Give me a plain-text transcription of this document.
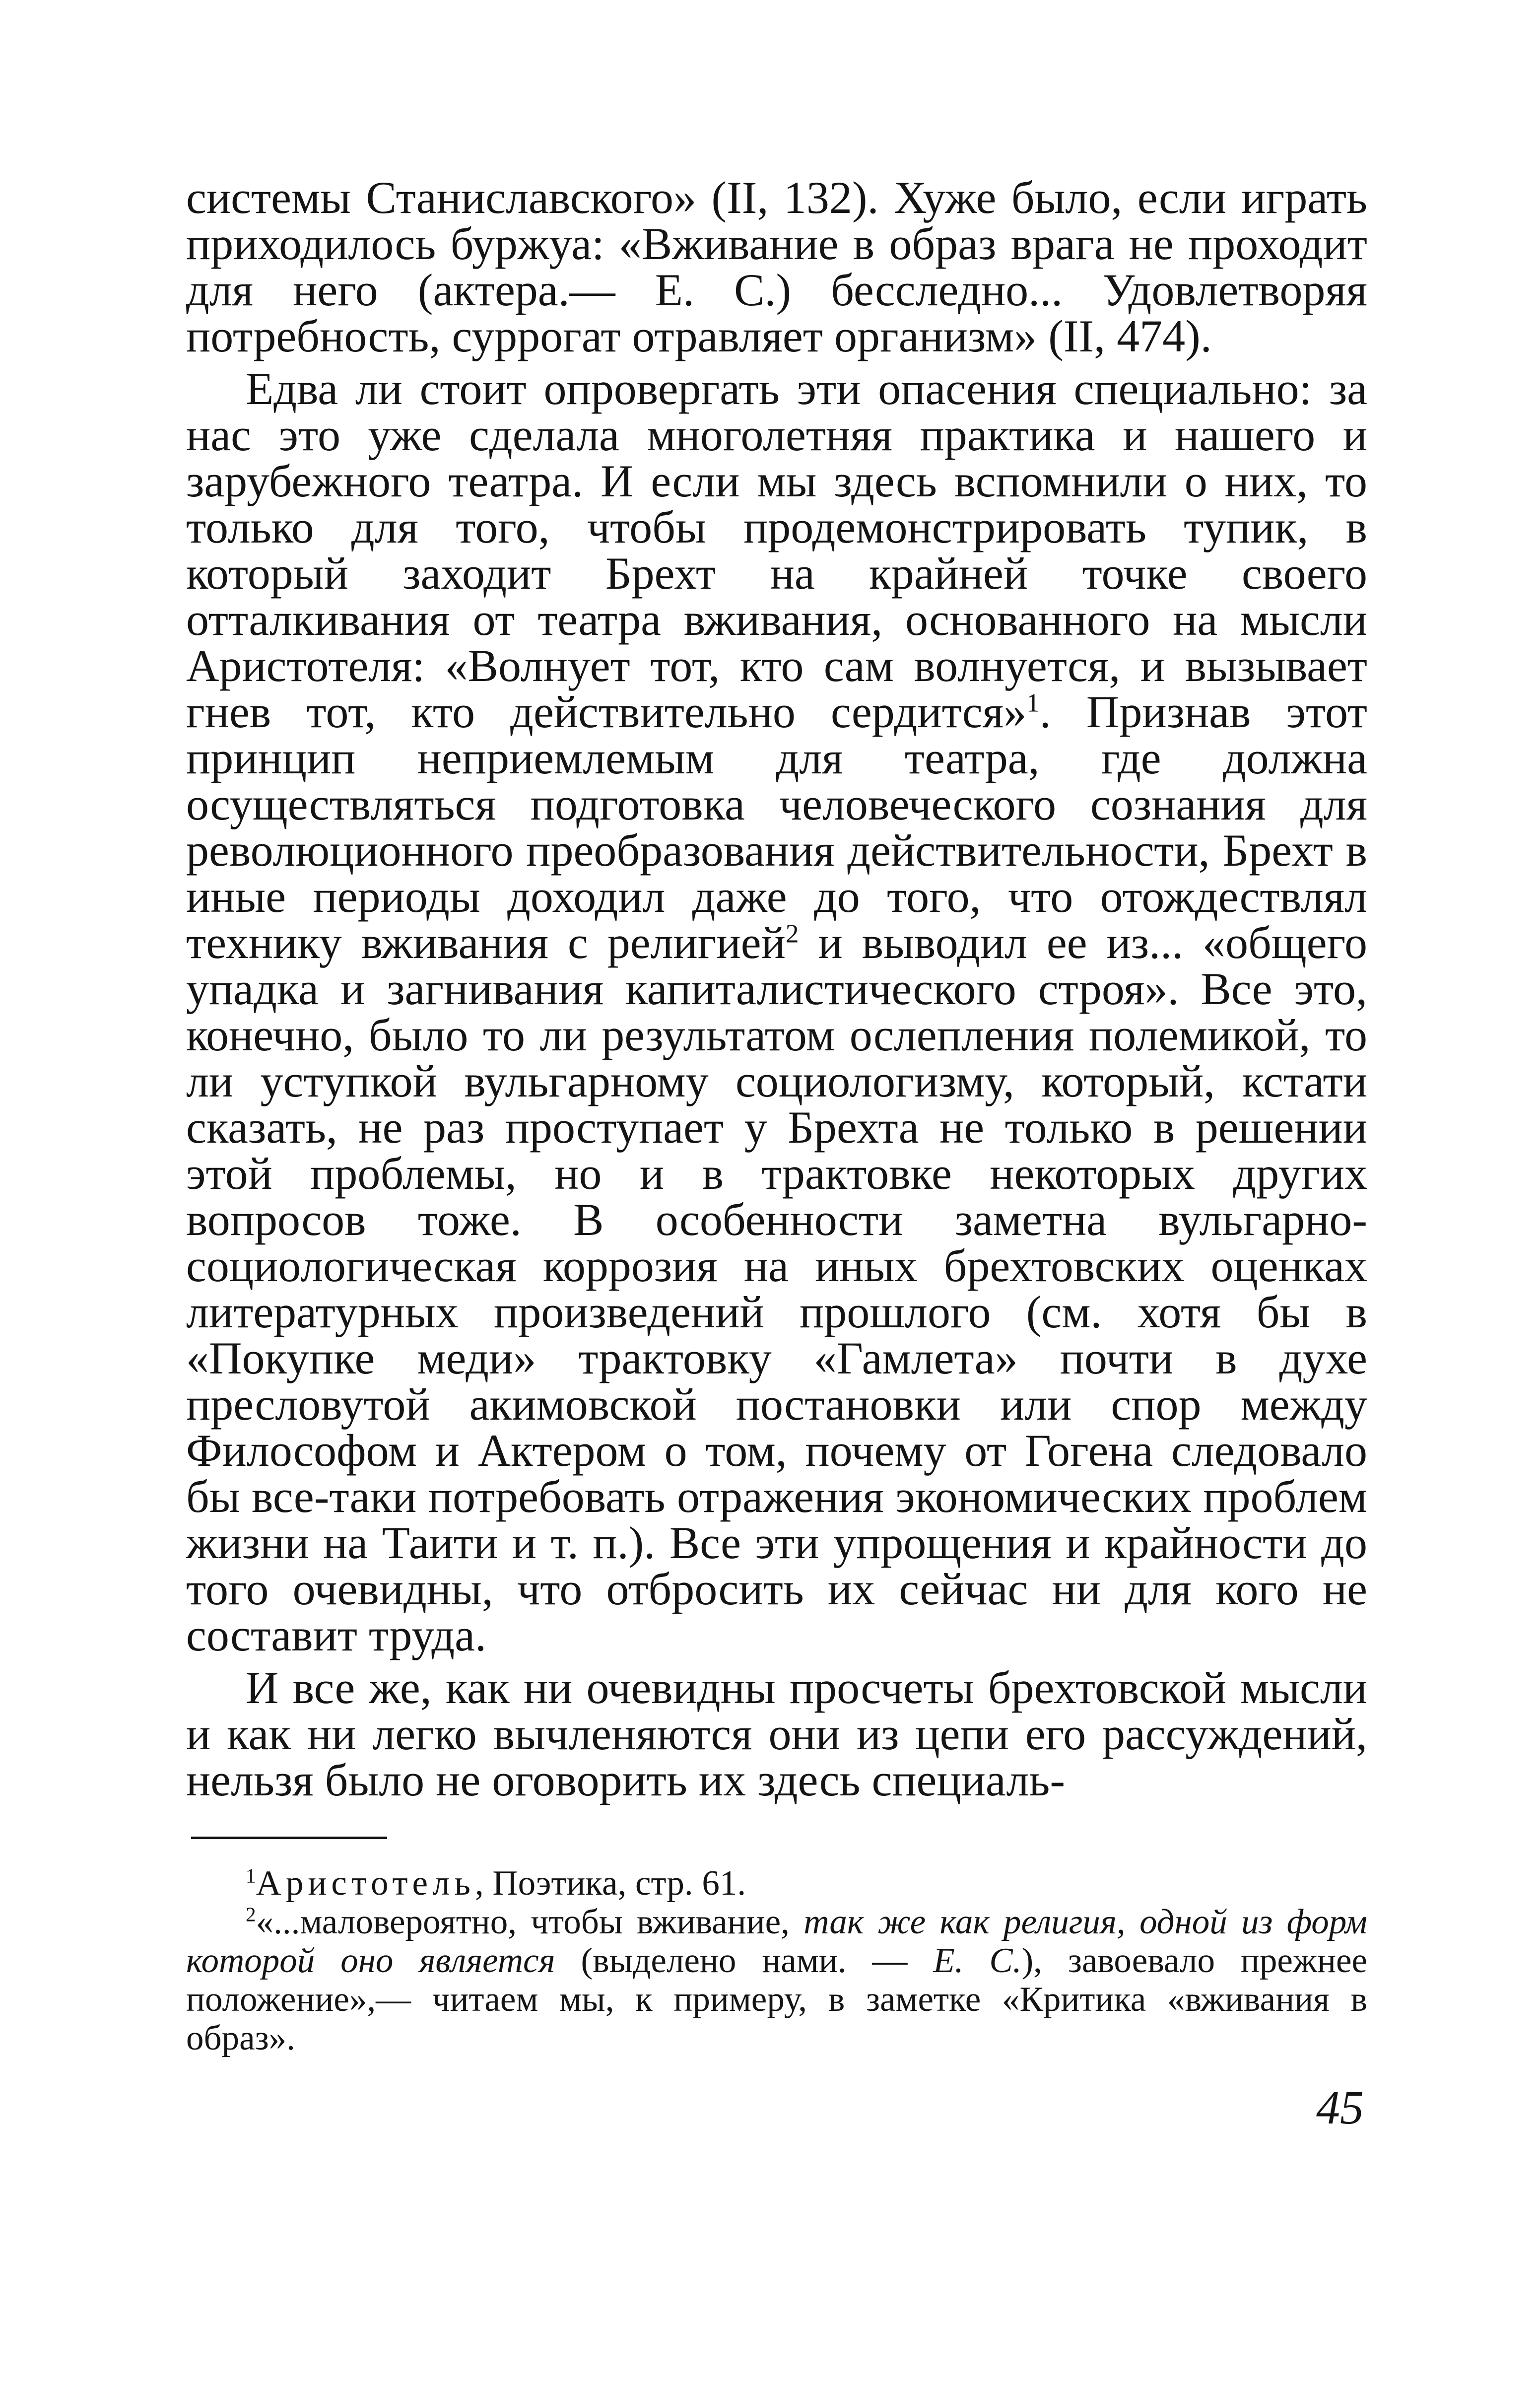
системы Станиславского» (II, 132). Хуже было, если играть приходилось буржуа: «Вживание в образ врага не проходит для него (актера.— Е. С.) бесследно... Удовлетворяя потребность, суррогат отравляет организм» (II, 474).

Едва ли стоит опровергать эти опасения специально: за нас это уже сделала многолетняя практика и нашего и зарубежного театра. И если мы здесь вспомнили о них, то только для того, чтобы продемонстрировать тупик, в который заходит Брехт на крайней точке своего отталкивания от театра вживания, основанного на мысли Аристотеля: «Волнует тот, кто сам волнуется, и вызывает гнев тот, кто действительно сердится»$^1$. Признав этот принцип неприемлемым для театра, где должна осуществляться подготовка человеческого сознания для революционного преобразования действительности, Брехт в иные периоды доходил даже до того, что отождествлял технику вживания с религией$^2$ и выводил ее из... «общего упадка и загнивания капиталистического строя». Все это, конечно, было то ли результатом ослепления полемикой, то ли уступкой вульгарному социологизму, который, кстати сказать, не раз проступает у Брехта не только в решении этой проблемы, но и в трактовке некоторых других вопросов тоже. В особенности заметна вульгарно-социологическая коррозия на иных брехтовских оценках литературных произведений прошлого (см. хотя бы в «Покупке меди» трактовку «Гамлета» почти в духе пресловутой акимовской постановки или спор между Философом и Актером о том, почему от Гогена следовало бы все-таки потребовать отражения экономических проблем жизни на Таити и т. п.). Все эти упрощения и крайности до того очевидны, что отбросить их сейчас ни для кого не составит труда.

И все же, как ни очевидны просчеты брехтовской мысли и как ни легко вычленяются они из цепи его рассуждений, нельзя было не оговорить их здесь специаль-

$^1$Аристотель, Поэтика, стр. 61.

$^2$«...маловероятно, чтобы вживание, так же как религия, одной из форм которой оно является (выделено нами. — Е. С.), завоевало прежнее положение»,— читаем мы, к примеру, в заметке «Критика «вживания в образ».

45
